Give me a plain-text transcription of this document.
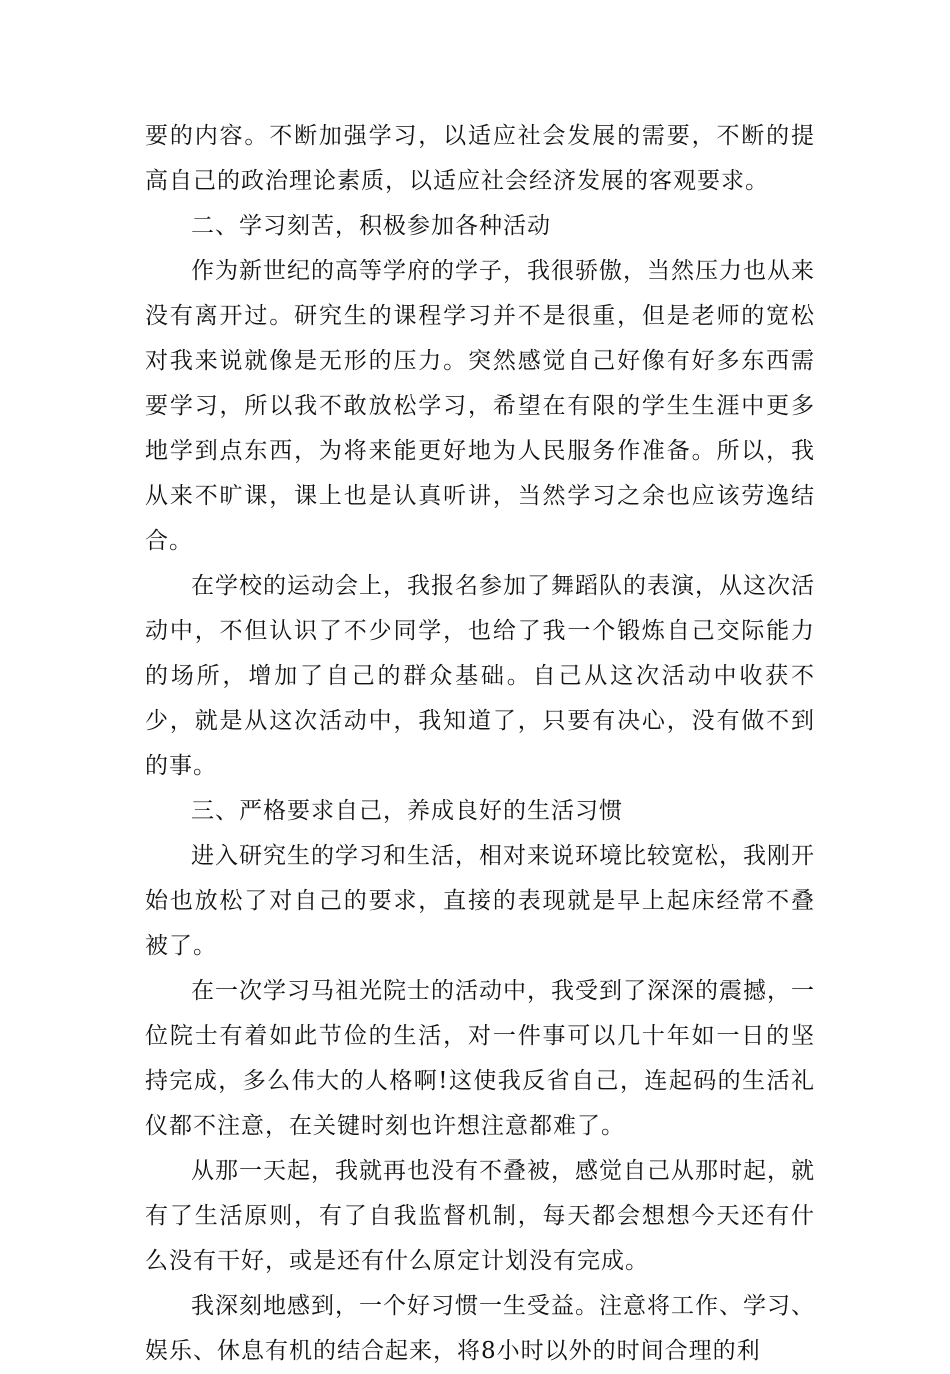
要的内容。不断加强学习，以适应社会发展的需要，不断的提高自己的政治理论素质，以适应社会经济发展的客观要求。

二、学习刻苦，积极参加各种活动

作为新世纪的高等学府的学子，我很骄傲，当然压力也从来没有离开过。研究生的课程学习并不是很重，但是老师的宽松对我来说就像是无形的压力。突然感觉自己好像有好多东西需要学习，所以我不敢放松学习，希望在有限的学生生涯中更多地学到点东西，为将来能更好地为人民服务作准备。所以，我从来不旷课，课上也是认真听讲，当然学习之余也应该劳逸结合。

在学校的运动会上，我报名参加了舞蹈队的表演，从这次活动中，不但认识了不少同学，也给了我一个锻炼自己交际能力的场所，增加了自己的群众基础。自己从这次活动中收获不少，就是从这次活动中，我知道了，只要有决心，没有做不到的事。

三、严格要求自己，养成良好的生活习惯

进入研究生的学习和生活，相对来说环境比较宽松，我刚开始也放松了对自己的要求，直接的表现就是早上起床经常不叠被了。

在一次学习马祖光院士的活动中，我受到了深深的震撼，一位院士有着如此节俭的生活，对一件事可以几十年如一日的坚持完成，多么伟大的人格啊!这使我反省自己，连起码的生活礼仪都不注意，在关键时刻也许想注意都难了。

从那一天起，我就再也没有不叠被，感觉自己从那时起，就有了生活原则，有了自我监督机制，每天都会想想今天还有什么没有干好，或是还有什么原定计划没有完成。

我深刻地感到，一个好习惯一生受益。注意将工作、学习、娱乐、休息有机的结合起来，将8小时以外的时间合理的利
